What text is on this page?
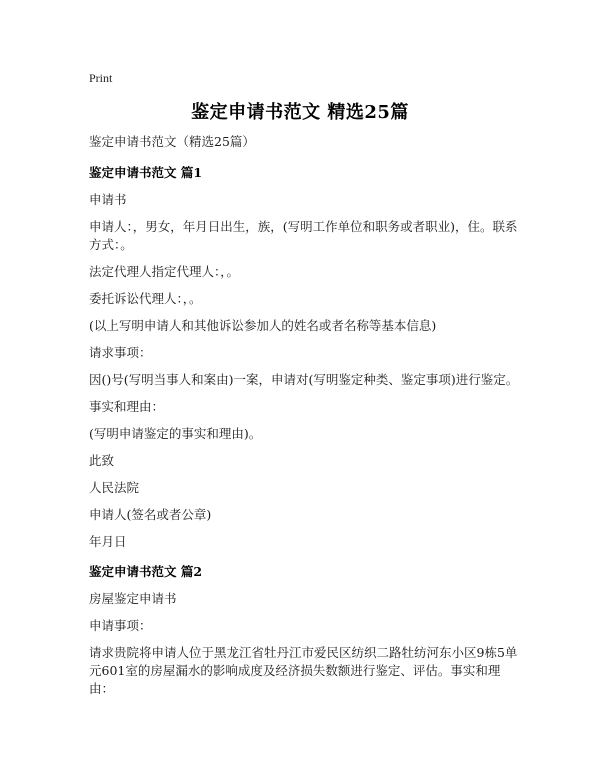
Print
鉴定申请书范文 精选25篇

鉴定申请书范文（精选25篇）

鉴定申请书范文 篇1

申请书

申请人：，男女，年月日出生，族，(写明工作单位和职务或者职业)，住。联系方式：。

法定代理人指定代理人：，。

委托诉讼代理人：，。

(以上写明申请人和其他诉讼参加人的姓名或者名称等基本信息)

请求事项：

因()号(写明当事人和案由)一案，申请对(写明鉴定种类、鉴定事项)进行鉴定。

事实和理由：

(写明申请鉴定的事实和理由)。

此致

人民法院

申请人(签名或者公章)

年月日

鉴定申请书范文 篇2

房屋鉴定申请书

申请事项：

请求贵院将申请人位于黑龙江省牡丹江市爱民区纺织二路牡纺河东小区9栋5单元601室的房屋漏水的影响成度及经济损失数额进行鉴定、评估。事实和理由：
